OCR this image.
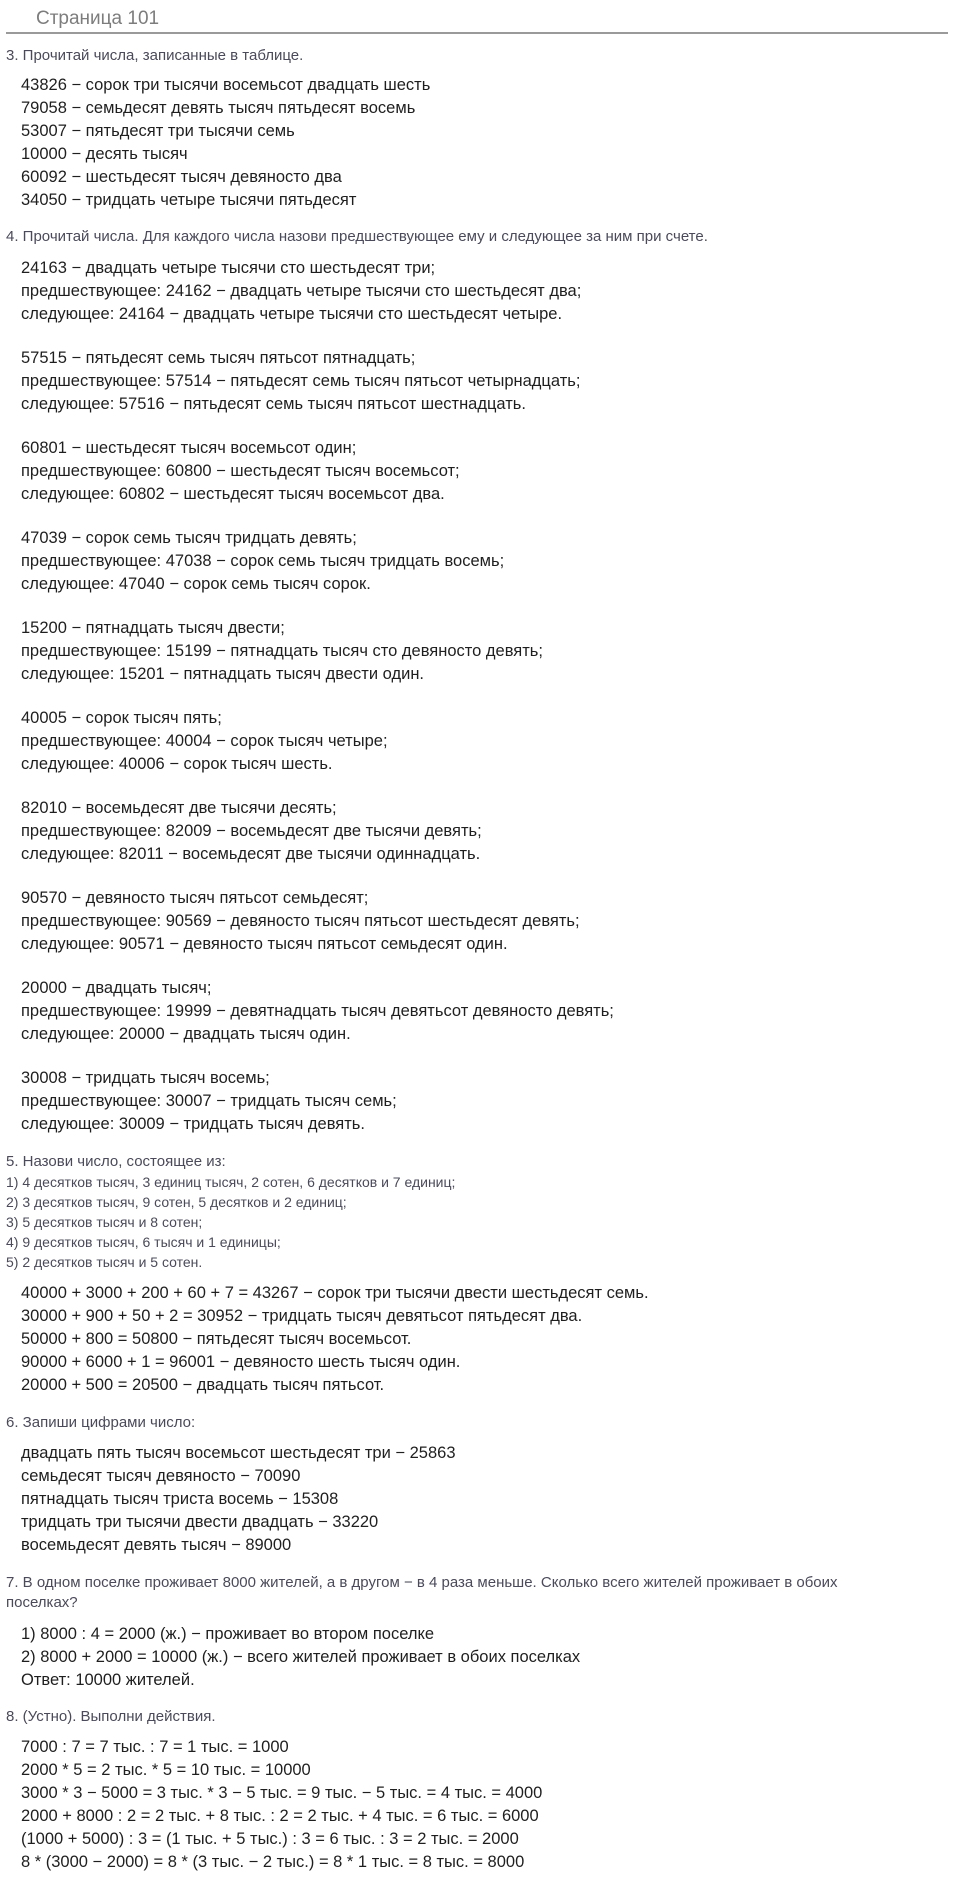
Страница 101
3. Прочитай числа, записанные в таблице.
43826 − сорок три тысячи восемьсот двадцать шесть
79058 − семьдесят девять тысяч пятьдесят восемь
53007 − пятьдесят три тысячи семь
10000 − десять тысяч
60092 − шестьдесят тысяч девяносто два
34050 − тридцать четыре тысячи пятьдесят
4. Прочитай числа. Для каждого числа назови предшествующее ему и следующее за ним при счете.
24163 − двадцать четыре тысячи сто шестьдесят три;
предшествующее: 24162 − двадцать четыре тысячи сто шестьдесят два;
следующее: 24164 − двадцать четыре тысячи сто шестьдесят четыре.
57515 − пятьдесят семь тысяч пятьсот пятнадцать;
предшествующее: 57514 − пятьдесят семь тысяч пятьсот четырнадцать;
следующее: 57516 − пятьдесят семь тысяч пятьсот шестнадцать.
60801 − шестьдесят тысяч восемьсот один;
предшествующее: 60800 − шестьдесят тысяч восемьсот;
следующее: 60802 − шестьдесят тысяч восемьсот два.
47039 − сорок семь тысяч тридцать девять;
предшествующее: 47038 − сорок семь тысяч тридцать восемь;
следующее: 47040 − сорок семь тысяч сорок.
15200 − пятнадцать тысяч двести;
предшествующее: 15199 − пятнадцать тысяч сто девяносто девять;
следующее: 15201 − пятнадцать тысяч двести один.
40005 − сорок тысяч пять;
предшествующее: 40004 − сорок тысяч четыре;
следующее: 40006 − сорок тысяч шесть.
82010 − восемьдесят две тысячи десять;
предшествующее: 82009 − восемьдесят две тысячи девять;
следующее: 82011 − восемьдесят две тысячи одиннадцать.
90570 − девяносто тысяч пятьсот семьдесят;
предшествующее: 90569 − девяносто тысяч пятьсот шестьдесят девять;
следующее: 90571 − девяносто тысяч пятьсот семьдесят один.
20000 − двадцать тысяч;
предшествующее: 19999 − девятнадцать тысяч девятьсот девяносто девять;
следующее: 20000 − двадцать тысяч один.
30008 − тридцать тысяч восемь;
предшествующее: 30007 − тридцать тысяч семь;
следующее: 30009 − тридцать тысяч девять.
5. Назови число, состоящее из:
1) 4 десятков тысяч, 3 единиц тысяч, 2 сотен, 6 десятков и 7 единиц;
2) 3 десятков тысяч, 9 сотен, 5 десятков и 2 единиц;
3) 5 десятков тысяч и 8 сотен;
4) 9 десятков тысяч, 6 тысяч и 1 единицы;
5) 2 десятков тысяч и 5 сотен.
40000 + 3000 + 200 + 60 + 7 = 43267 − сорок три тысячи двести шестьдесят семь.
30000 + 900 + 50 + 2 = 30952 − тридцать тысяч девятьсот пятьдесят два.
50000 + 800 = 50800 − пятьдесят тысяч восемьсот.
90000 + 6000 + 1 = 96001 − девяносто шесть тысяч один.
20000 + 500 = 20500 − двадцать тысяч пятьсот.
6. Запиши цифрами число:
двадцать пять тысяч восемьсот шестьдесят три − 25863
семьдесят тысяч девяносто − 70090
пятнадцать тысяч триста восемь − 15308
тридцать три тысячи двести двадцать − 33220
восемьдесят девять тысяч − 89000
7. В одном поселке проживает 8000 жителей, а в другом − в 4 раза меньше. Сколько всего жителей проживает в обоих
поселках?
1) 8000 : 4 = 2000 (ж.) − проживает во втором поселке
2) 8000 + 2000 = 10000 (ж.) − всего жителей проживает в обоих поселках
Ответ: 10000 жителей.
8. (Устно). Выполни действия.
7000 : 7 = 7 тыс. : 7 = 1 тыс. = 1000
2000 * 5 = 2 тыс. * 5 = 10 тыс. = 10000
3000 * 3 − 5000 = 3 тыс. * 3 − 5 тыс. = 9 тыс. − 5 тыс. = 4 тыс. = 4000
2000 + 8000 : 2 = 2 тыс. + 8 тыс. : 2 = 2 тыс. + 4 тыс. = 6 тыс. = 6000
(1000 + 5000) : 3 = (1 тыс. + 5 тыс.) : 3 = 6 тыс. : 3 = 2 тыс. = 2000
8 * (3000 − 2000) = 8 * (3 тыс. − 2 тыс.) = 8 * 1 тыс. = 8 тыс. = 8000
